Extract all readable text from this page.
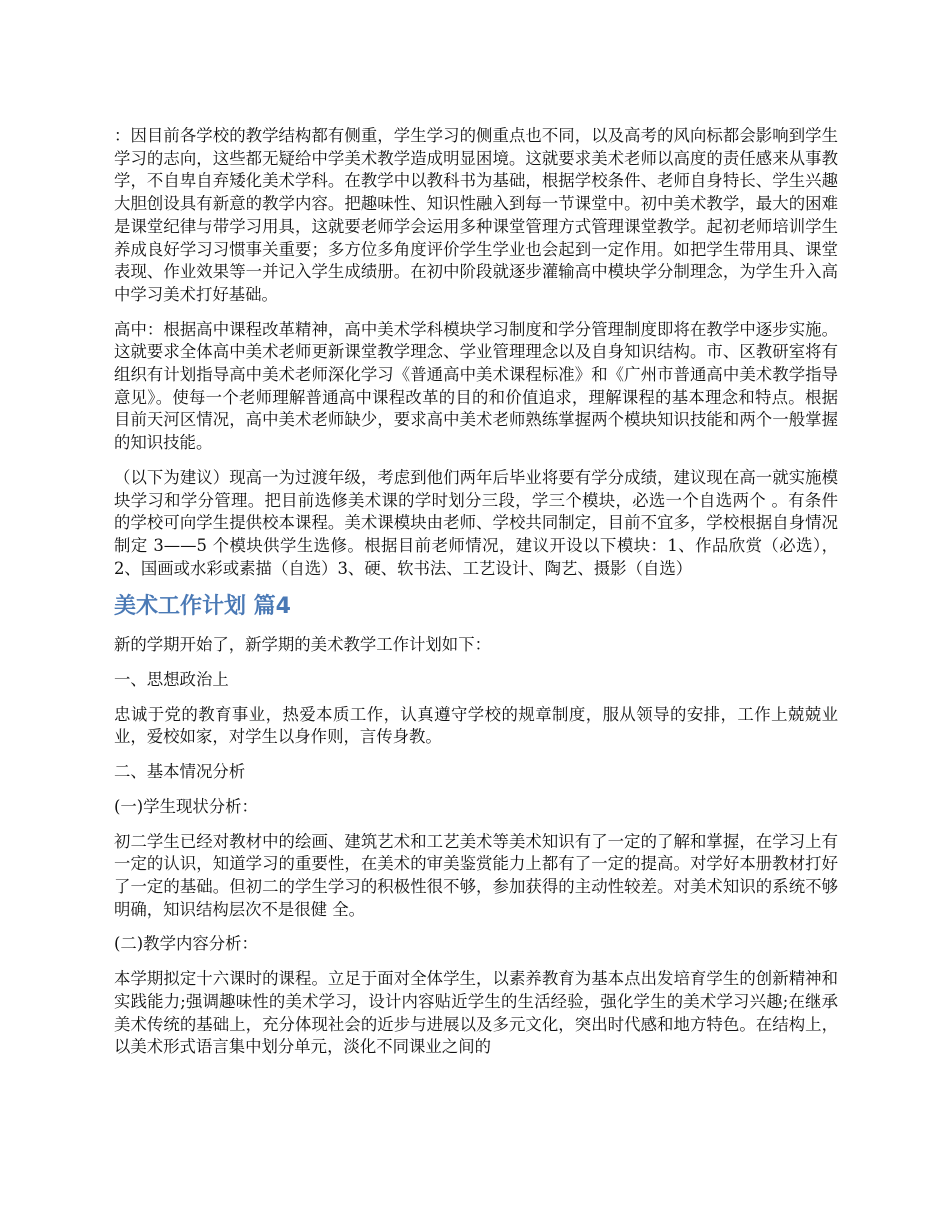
：因目前各学校的教学结构都有侧重，学生学习的侧重点也不同，以及高考的风向标都会影响到学生学习的志向，这些都无疑给中学美术教学造成明显困境。这就要求美术老师以高度的责任感来从事教学，不自卑自弃矮化美术学科。在教学中以教科书为基础，根据学校条件、老师自身特长、学生兴趣大胆创设具有新意的教学内容。把趣味性、知识性融入到每一节课堂中。初中美术教学，最大的困难是课堂纪律与带学习用具，这就要老师学会运用多种课堂管理方式管理课堂教学。起初老师培训学生养成良好学习习惯事关重要；多方位多角度评价学生学业也会起到一定作用。如把学生带用具、课堂表现、作业效果等一并记入学生成绩册。在初中阶段就逐步灌输高中模块学分制理念，为学生升入高中学习美术打好基础。

高中：根据高中课程改革精神，高中美术学科模块学习制度和学分管理制度即将在教学中逐步实施。这就要求全体高中美术老师更新课堂教学理念、学业管理理念以及自身知识结构。市、区教研室将有组织有计划指导高中美术老师深化学习《普通高中美术课程标准》和《广州市普通高中美术教学指导意见》。使每一个老师理解普通高中课程改革的目的和价值追求，理解课程的基本理念和特点。根据目前天河区情况，高中美术老师缺少，要求高中美术老师熟练掌握两个模块知识技能和两个一般掌握的知识技能。

（以下为建议）现高一为过渡年级，考虑到他们两年后毕业将要有学分成绩，建议现在高一就实施模块学习和学分管理。把目前选修美术课的学时划分三段，学三个模块，必选一个自选两个 。有条件的学校可向学生提供校本课程。美术课模块由老师、学校共同制定，目前不宜多，学校根据自身情况制定 3——5 个模块供学生选修。根据目前老师情况，建议开设以下模块：1、作品欣赏（必选），2、国画或水彩或素描（自选）3、硬、软书法、工艺设计、陶艺、摄影（自选）

美术工作计划 篇4

新的学期开始了，新学期的美术教学工作计划如下：

一、思想政治上

忠诚于党的教育事业，热爱本质工作，认真遵守学校的规章制度，服从领导的安排，工作上兢兢业业，爱校如家，对学生以身作则，言传身教。

二、基本情况分析

(一)学生现状分析：

初二学生已经对教材中的绘画、建筑艺术和工艺美术等美术知识有了一定的了解和掌握，在学习上有一定的认识，知道学习的重要性，在美术的审美鉴赏能力上都有了一定的提高。对学好本册教材打好了一定的基础。但初二的学生学习的积极性很不够，参加获得的主动性较差。对美术知识的系统不够明确，知识结构层次不是很健 全。

(二)教学内容分析：

本学期拟定十六课时的课程。立足于面对全体学生，以素养教育为基本点出发培育学生的创新精神和实践能力;强调趣味性的美术学习，设计内容贴近学生的生活经验，强化学生的美术学习兴趣;在继承美术传统的基础上，充分体现社会的近步与进展以及多元文化，突出时代感和地方特色。在结构上，以美术形式语言集中划分单元，淡化不同课业之间的
